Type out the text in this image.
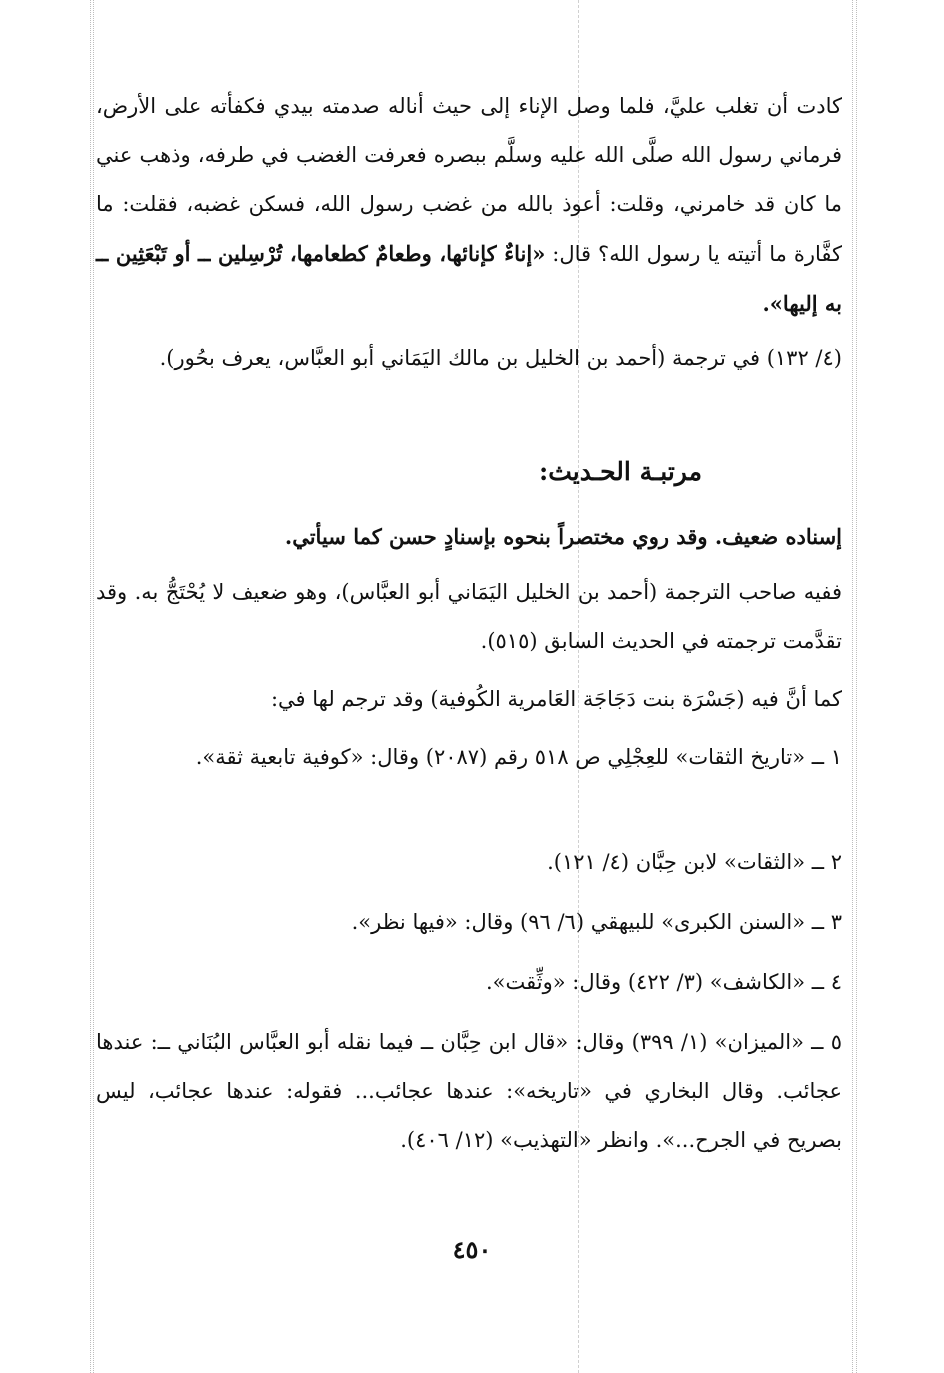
كادت أن تغلب عليَّ، فلما وصل الإناء إلى حيث أناله صدمته بيدي فكفأته على الأرض، فرماني رسول الله صلَّى الله عليه وسلَّم ببصره فعرفت الغضب في طرفه، وذهب عني ما كان قد خامرني، وقلت: أعوذ بالله من غضب رسول الله، فسكن غضبه، فقلت: ما كفَّارة ما أتيته يا رسول الله؟ قال: «إناءٌ كإنائها، وطعامٌ كطعامها، تُرْسِلين ــ أو تَبْعَثِين ــ به إليها».

(٤/ ١٣٢) في ترجمة (أحمد بن الخليل بن مالك اليَمَاني أبو العبَّاس، يعرف بحُور).

مرتبـة الحـديث:

إسناده ضعيف. وقد روي مختصراً بنحوه بإسنادٍ حسن كما سيأتي.

ففيه صاحب الترجمة (أحمد بن الخليل اليَمَاني أبو العبَّاس)، وهو ضعيف لا يُحْتَجُّ به. وقد تقدَّمت ترجمته في الحديث السابق (٥١٥).

كما أنَّ فيه (جَسْرَة بنت دَجَاجَة العَامرية الكُوفية) وقد ترجم لها في:

١ ــ «تاريخ الثقات» للعِجْلِي ص ٥١٨ رقم (٢٠٨٧) وقال: «كوفية تابعية ثقة».

٢ ــ «الثقات» لابن حِبَّان (٤/ ١٢١).

٣ ــ «السنن الكبرى» للبيهقي (٦/ ٩٦) وقال: «فيها نظر».

٤ ــ «الكاشف» (٣/ ٤٢٢) وقال: «وثِّقت».

٥ ــ «الميزان» (١/ ٣٩٩) وقال: «قال ابن حِبَّان ــ فيما نقله أبو العبَّاس البُنَاني ــ: عندها عجائب. وقال البخاري في «تاريخه»: عندها عجائب... فقوله: عندها عجائب، ليس بصريح في الجرح...». وانظر «التهذيب» (١٢/ ٤٠٦).

٤٥٠
